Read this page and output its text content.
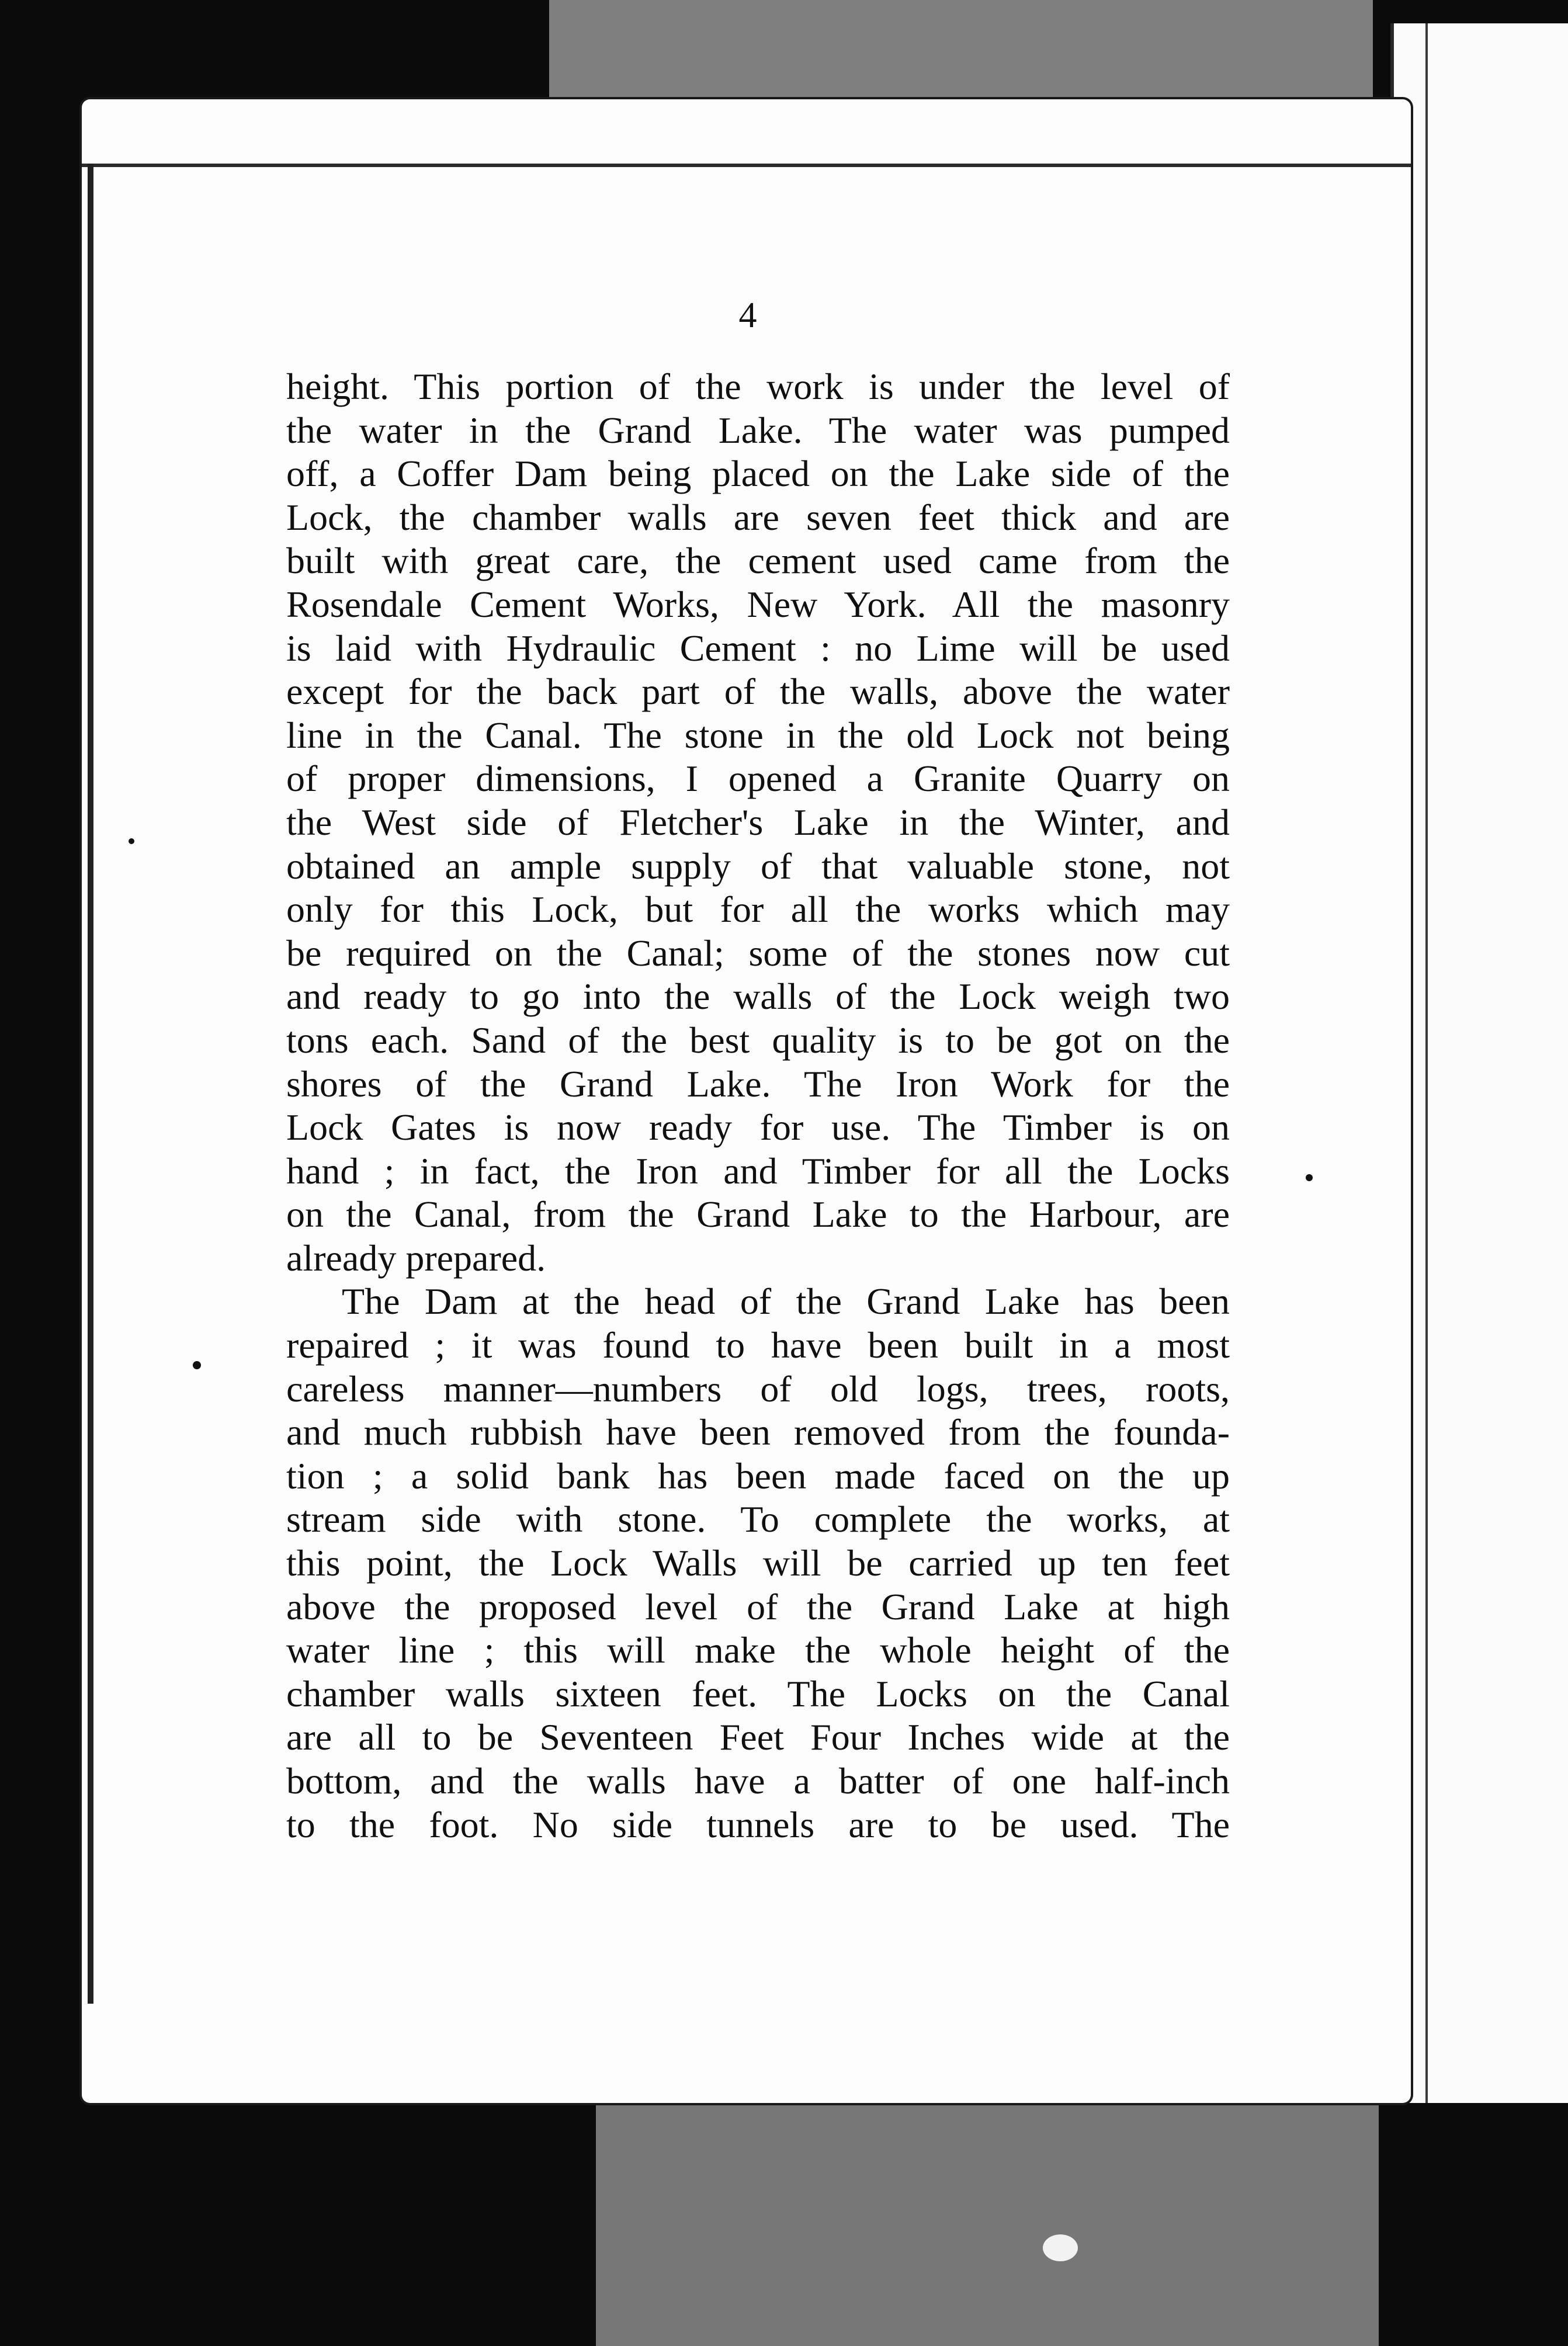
4
height. This portion of the work is under the level of
the water in the Grand Lake. The water was pumped
off, a Coffer Dam being placed on the Lake side of the
Lock, the chamber walls are seven feet thick and are
built with great care, the cement used came from the
Rosendale Cement Works, New York. All the masonry
is laid with Hydraulic Cement : no Lime will be used
except for the back part of the walls, above the water
line in the Canal. The stone in the old Lock not being
of proper dimensions, I opened a Granite Quarry on
the West side of Fletcher's Lake in the Winter, and
obtained an ample supply of that valuable stone, not
only for this Lock, but for all the works which may
be required on the Canal; some of the stones now cut
and ready to go into the walls of the Lock weigh two
tons each. Sand of the best quality is to be got on the
shores of the Grand Lake. The Iron Work for the
Lock Gates is now ready for use. The Timber is on
hand ; in fact, the Iron and Timber for all the Locks
on the Canal, from the Grand Lake to the Harbour, are
already prepared.
The Dam at the head of the Grand Lake has been
repaired ; it was found to have been built in a most
careless manner—numbers of old logs, trees, roots,
and much rubbish have been removed from the founda-
tion ; a solid bank has been made faced on the up
stream side with stone. To complete the works, at
this point, the Lock Walls will be carried up ten feet
above the proposed level of the Grand Lake at high
water line ; this will make the whole height of the
chamber walls sixteen feet. The Locks on the Canal
are all to be Seventeen Feet Four Inches wide at the
bottom, and the walls have a batter of one half-inch
to the foot. No side tunnels are to be used. The
